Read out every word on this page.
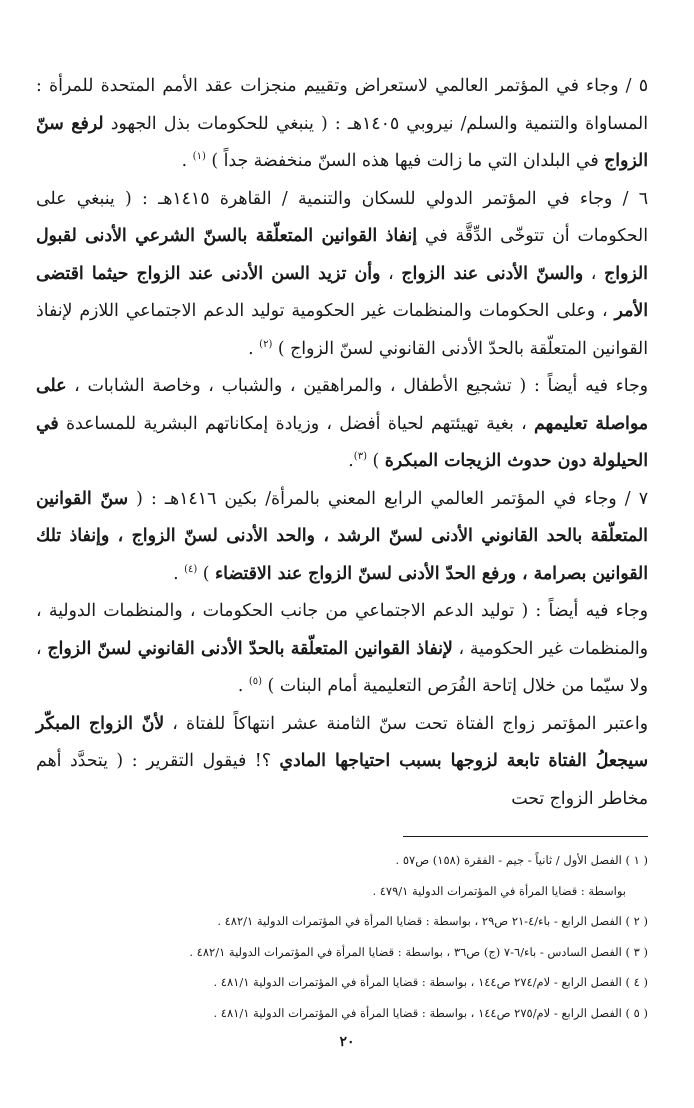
٥ / وجاء في المؤتمر العالمي لاستعراض وتقييم منجزات عقد الأمم المتحدة للمرأة : المساواة والتنمية والسلم/ نيروبي ١٤٠٥هـ : ( ينبغي للحكومات بذل الجهود لرفع سنّ الزواج في البلدان التي ما زالت فيها هذه السنّ منخفضة جداً ) $^{(١)}$ .

٦ / وجاء في المؤتمر الدولي للسكان والتنمية / القاهرة ١٤١٥هـ : ( ينبغي على الحكومات أن تتوخّى الدِّقَّة في إنفاذ القوانين المتعلّقة بالسنّ الشرعي الأدنى لقبول الزواج ، والسنّ الأدنى عند الزواج ، وأن تزيد السن الأدنى عند الزواج حيثما اقتضى الأمر ، وعلى الحكومات والمنظمات غير الحكومية توليد الدعم الاجتماعي اللازم لإنفاذ القوانين المتعلّقة بالحدّ الأدنى القانوني لسنّ الزواج ) $^{(٢)}$ .

وجاء فيه أيضاً : ( تشجيع الأطفال ، والمراهقين ، والشباب ، وخاصة الشابات ، على مواصلة تعليمهم ، بغية تهيئتهم لحياة أفضل ، وزيادة إمكاناتهم البشرية للمساعدة في الحيلولة دون حدوث الزيجات المبكرة ) $^{(٣)}$.

٧ / وجاء في المؤتمر العالمي الرابع المعني بالمرأة/ بكين ١٤١٦هـ : ( سنّ القوانين المتعلّقة بالحد القانوني الأدنى لسنّ الرشد ، والحد الأدنى لسنّ الزواج ، وإنفاذ تلك القوانين بصرامة ، ورفع الحدّ الأدنى لسنّ الزواج عند الاقتضاء ) $^{(٤)}$ .

وجاء فيه أيضاً : ( توليد الدعم الاجتماعي من جانب الحكومات ، والمنظمات الدولية ، والمنظمات غير الحكومية ، لإنفاذ القوانين المتعلّقة بالحدّ الأدنى القانوني لسنّ الزواج ، ولا سيّما من خلال إتاحة الفُرَص التعليمية أمام البنات ) $^{(٥)}$ .

واعتبر المؤتمر زواج الفتاة تحت سنّ الثامنة عشر انتهاكاً للفتاة ، لأنّ الزواج المبكّر سيجعلُ الفتاة تابعة لزوجها بسبب احتياجها المادي ؟! فيقول التقرير : ( يتحدَّد أهم مخاطر الزواج تحت

( ١ ) الفصل الأول / ثانياً - جيم - الفقرة (١٥٨) ص٥٧ .

بواسطة : قضايا المرأة في المؤتمرات الدولية ٤٧٩/١ .

( ٢ ) الفصل الرابع - باء/٤-٢١ ص٢٩ ، بواسطة : قضايا المرأة في المؤتمرات الدولية ٤٨٢/١ .

( ٣ ) الفصل السادس - باء/٦-٧ (ج) ص٣٦ ، بواسطة : قضايا المرأة في المؤتمرات الدولية ٤٨٢/١ .

( ٤ ) الفصل الرابع - لام/٢٧٤ ص١٤٤ ، بواسطة : قضايا المرأة في المؤتمرات الدولية ٤٨١/١ .

( ٥ ) الفصل الرابع - لام/٢٧٥ ص١٤٤ ، بواسطة : قضايا المرأة في المؤتمرات الدولية ٤٨١/١ .

٢٠
